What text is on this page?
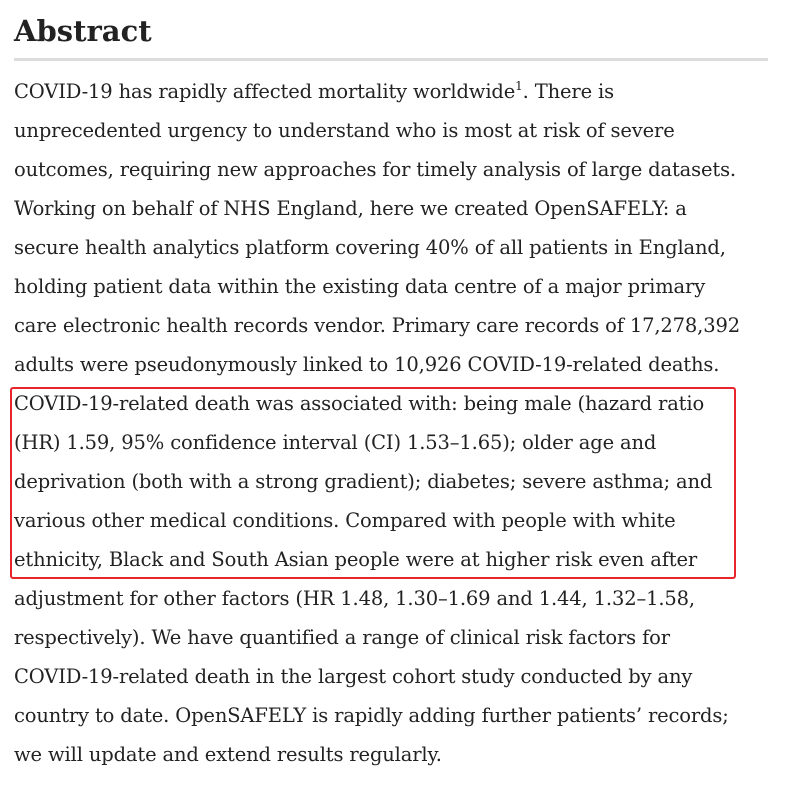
Abstract
COVID-19 has rapidly affected mortality worldwide$^1$. There is
unprecedented urgency to understand who is most at risk of severe
outcomes, requiring new approaches for timely analysis of large datasets.
Working on behalf of NHS England, here we created OpenSAFELY: a
secure health analytics platform covering 40% of all patients in England,
holding patient data within the existing data centre of a major primary
care electronic health records vendor. Primary care records of 17,278,392
adults were pseudonymously linked to 10,926 COVID-19-related deaths.
COVID-19-related death was associated with: being male (hazard ratio
(HR) 1.59, 95% confidence interval (CI) 1.53–1.65); older age and
deprivation (both with a strong gradient); diabetes; severe asthma; and
various other medical conditions. Compared with people with white
ethnicity, Black and South Asian people were at higher risk even after
adjustment for other factors (HR 1.48, 1.30–1.69 and 1.44, 1.32–1.58,
respectively). We have quantified a range of clinical risk factors for
COVID-19-related death in the largest cohort study conducted by any
country to date. OpenSAFELY is rapidly adding further patients’ records;
we will update and extend results regularly.
